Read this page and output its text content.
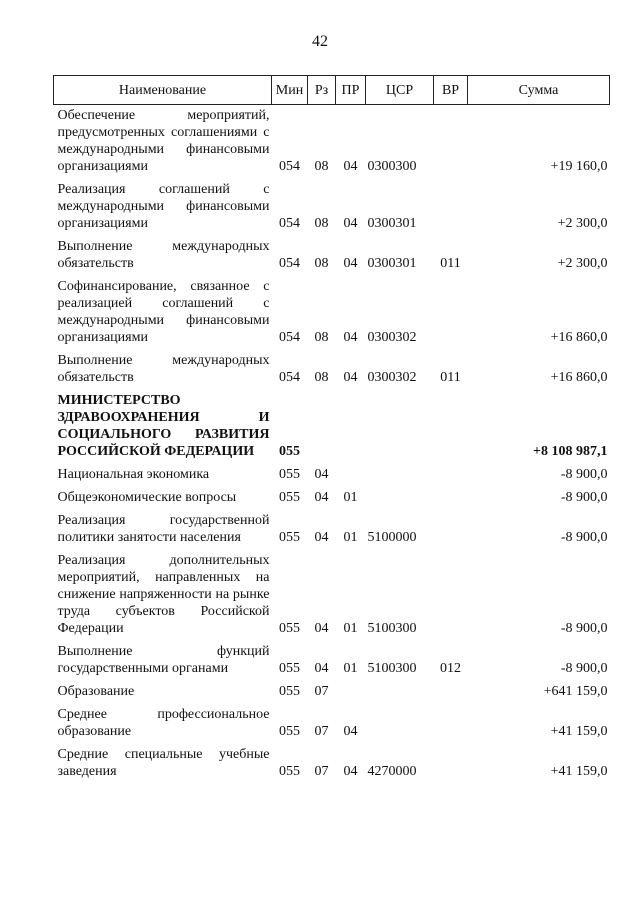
42
Наименование	Мин	Рз	ПР	ЦСР	ВР	Сумма
Обеспечение мероприятий, предусмотренных соглашениями с международными финансовыми организациями	054	08	04	0300300		+19 160,0
Реализация соглашений с международными финансовыми организациями	054	08	04	0300301		+2 300,0
Выполнение международных обязательств	054	08	04	0300301	011	+2 300,0
Софинансирование, связанное с реализацией соглашений с международными финансовыми организациями	054	08	04	0300302		+16 860,0
Выполнение международных обязательств	054	08	04	0300302	011	+16 860,0
МИНИСТЕРСТВО ЗДРАВООХРАНЕНИЯ И СОЦИАЛЬНОГО РАЗВИТИЯ РОССИЙСКОЙ ФЕДЕРАЦИИ	055					+8 108 987,1
Национальная экономика	055	04				-8 900,0
Общеэкономические вопросы	055	04	01			-8 900,0
Реализация государственной политики занятости населения	055	04	01	5100000		-8 900,0
Реализация дополнительных мероприятий, направленных на снижение напряженности на рынке труда субъектов Российской Федерации	055	04	01	5100300		-8 900,0
Выполнение функций государственными органами	055	04	01	5100300	012	-8 900,0
Образование	055	07				+641 159,0
Среднее профессиональное образование	055	07	04			+41 159,0
Средние специальные учебные заведения	055	07	04	4270000		+41 159,0
